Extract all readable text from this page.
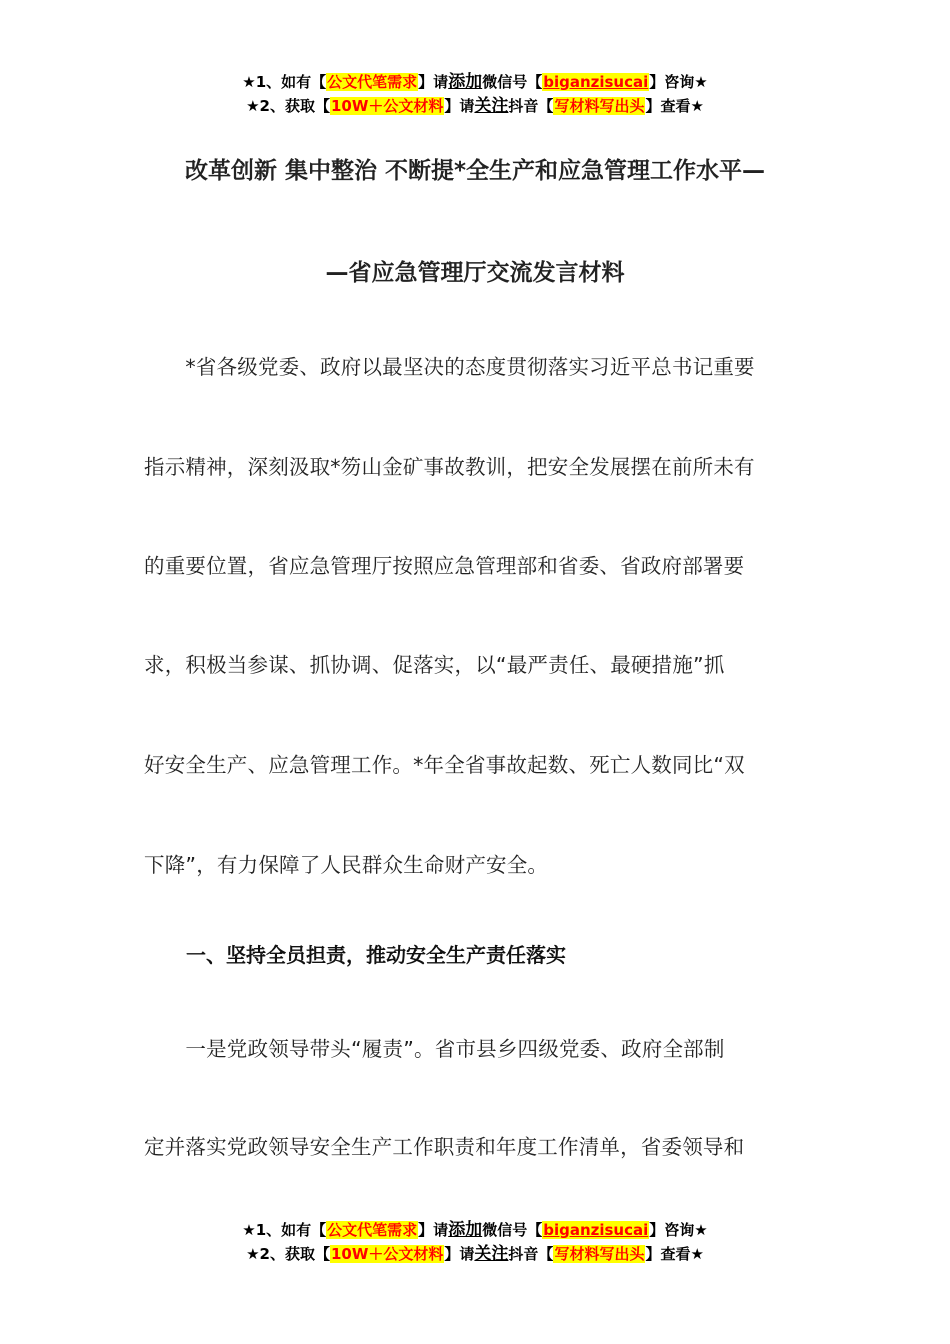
★1、如有【公文代笔需求】请添加微信号【biganzisucai】咨询★
★2、获取【10W＋公文材料】请关注抖音【写材料写出头】查看★
改革创新 集中整治 不断提*全生产和应急管理工作水平—
—省应急管理厅交流发言材料
　　*省各级党委、政府以最坚决的态度贯彻落实习近平总书记重要
指示精神，深刻汲取*笏山金矿事故教训，把安全发展摆在前所未有
的重要位置，省应急管理厅按照应急管理部和省委、省政府部署要
求，积极当参谋、抓协调、促落实，以“最严责任、最硬措施”抓
好安全生产、应急管理工作。*年全省事故起数、死亡人数同比“双
下降”，有力保障了人民群众生命财产安全。
一、坚持全员担责，推动安全生产责任落实
　　一是党政领导带头“履责”。省市县乡四级党委、政府全部制
定并落实党政领导安全生产工作职责和年度工作清单，省委领导和
★1、如有【公文代笔需求】请添加微信号【biganzisucai】咨询★
★2、获取【10W＋公文材料】请关注抖音【写材料写出头】查看★
